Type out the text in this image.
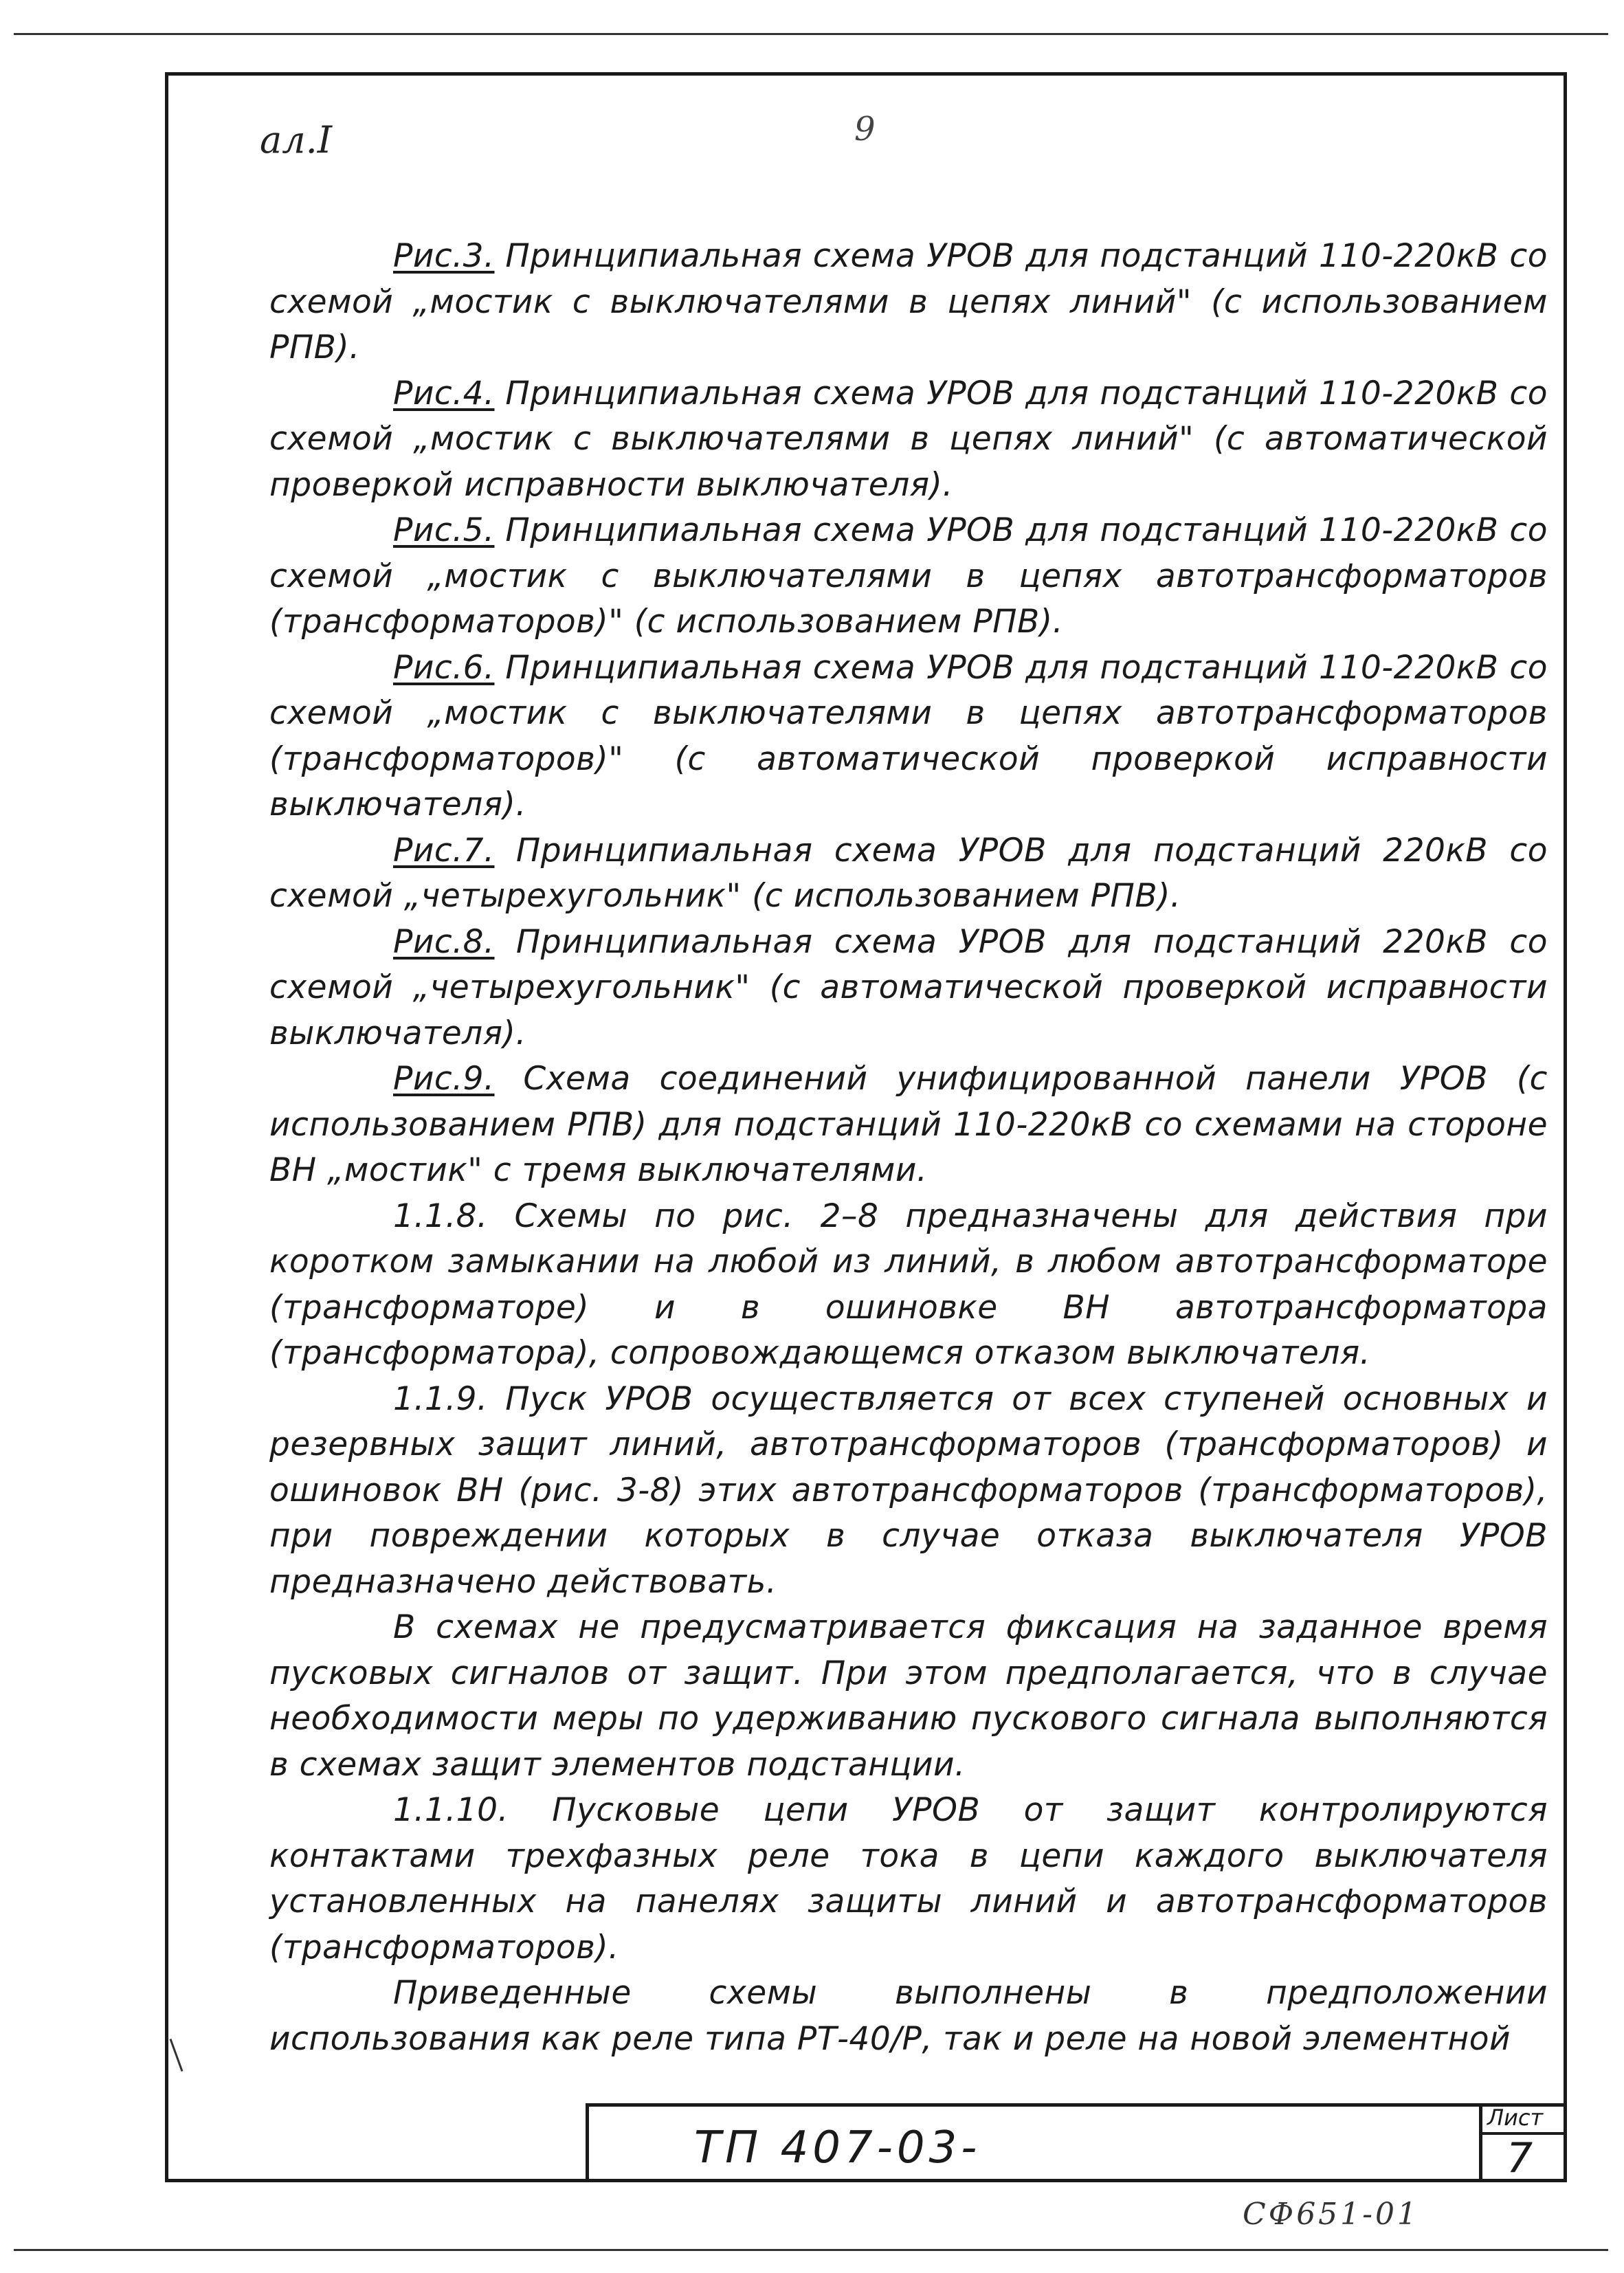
ал.I	9

Рис.3. Принципиальная схема УРОВ для подстанций 110-220кВ со схемой „мостик с выключателями в цепях линий" (с использованием РПВ).

Рис.4. Принципиальная схема УРОВ для подстанций 110-220кВ со схемой „мостик с выключателями в цепях линий" (с автоматической проверкой исправности выключателя).

Рис.5. Принципиальная схема УРОВ для подстанций 110-220кВ со схемой „мостик с выключателями в цепях автотрансформаторов (трансформаторов)" (с использованием РПВ).

Рис.6. Принципиальная схема УРОВ для подстанций 110-220кВ со схемой „мостик с выключателями в цепях автотрансформаторов (трансформаторов)" (с автоматической проверкой исправности выключателя).

Рис.7. Принципиальная схема УРОВ для подстанций 220кВ со схемой „четырехугольник" (с использованием РПВ).

Рис.8. Принципиальная схема УРОВ для подстанций 220кВ со схемой „четырехугольник" (с автоматической проверкой исправности выключателя).

Рис.9. Схема соединений унифицированной панели УРОВ (с использованием РПВ) для подстанций 110-220кВ со схемами на стороне ВН „мостик" с тремя выключателями.

1.1.8. Схемы по рис. 2–8 предназначены для действия при коротком замыкании на любой из линий, в любом автотрансформаторе (трансформаторе) и в ошиновке ВН автотрансформатора (трансформатора), сопровождающемся отказом выключателя.

1.1.9. Пуск УРОВ осуществляется от всех ступеней основных и резервных защит линий, автотрансформаторов (трансформаторов) и ошиновок ВН (рис. 3-8) этих автотрансформаторов (трансформаторов), при повреждении которых в случае отказа выключателя УРОВ предназначено действовать.

В схемах не предусматривается фиксация на заданное время пусковых сигналов от защит. При этом предполагается, что в случае необходимости меры по удерживанию пускового сигнала выполняются в схемах защит элементов подстанции.

1.1.10. Пусковые цепи УРОВ от защит контролируются контактами трехфазных реле тока в цепи каждого выключателя установленных на панелях защиты линий и автотрансформаторов (трансформаторов).

Приведенные схемы выполнены в предположении использования как реле типа РТ-40/Р, так и реле на новой элементной

ТП 407-03-
Лист
7
СФ651-01
